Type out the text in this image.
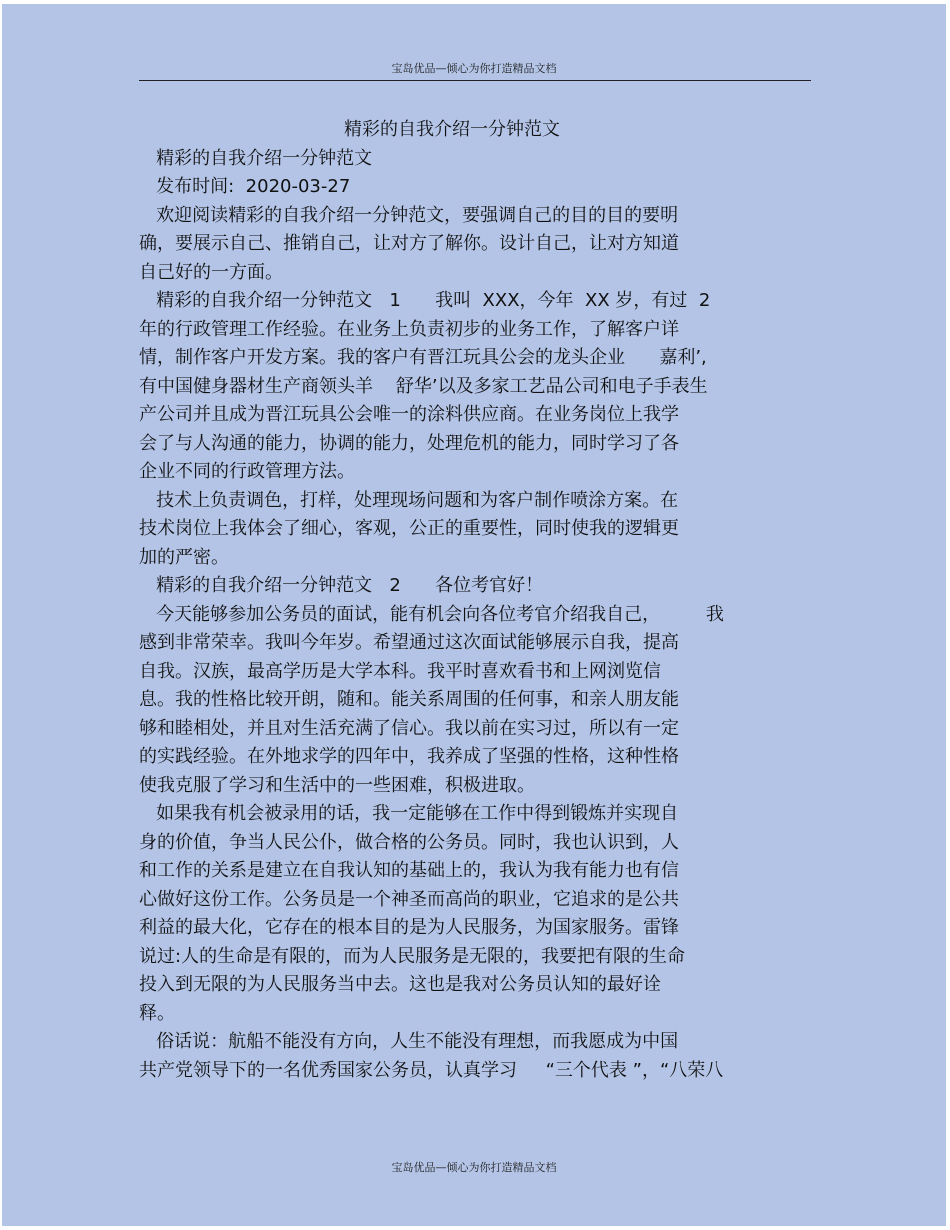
宝岛优品—倾心为你打造精品文档
精彩的自我介绍一分钟范文
精彩的自我介绍一分钟范文
发布时间:  2020-03-27
欢迎阅读精彩的自我介绍一分钟范文，要强调自己的目的目的要明
确，要展示自己、推销自己，让对方了解你。设计自己，让对方知道
自己好的一方面。
精彩的自我介绍一分钟范文   1      我叫  XXX，今年  XX 岁，有过  2
年的行政管理工作经验。在业务上负责初步的业务工作，了解客户详
情，制作客户开发方案。我的客户有晋江玩具公会的龙头企业      嘉利’,
有中国健身器材生产商领头羊    舒华’以及多家工艺品公司和电子手表生
产公司并且成为晋江玩具公会唯一的涂料供应商。在业务岗位上我学
会了与人沟通的能力，协调的能力，处理危机的能力，同时学习了各
企业不同的行政管理方法。
技术上负责调色，打样，处理现场问题和为客户制作喷涂方案。在
技术岗位上我体会了细心，客观，公正的重要性，同时使我的逻辑更
加的严密。
精彩的自我介绍一分钟范文   2      各位考官好！
今天能够参加公务员的面试，能有机会向各位考官介绍我自己，        我
感到非常荣幸。我叫今年岁。希望通过这次面试能够展示自我，提高
自我。汉族，最高学历是大学本科。我平时喜欢看书和上网浏览信
息。我的性格比较开朗，随和。能关系周围的任何事，和亲人朋友能
够和睦相处，并且对生活充满了信心。我以前在实习过，所以有一定
的实践经验。在外地求学的四年中，我养成了坚强的性格，这种性格
使我克服了学习和生活中的一些困难，积极进取。
如果我有机会被录用的话，我一定能够在工作中得到锻炼并实现自
身的价值，争当人民公仆，做合格的公务员。同时，我也认识到，人
和工作的关系是建立在自我认知的基础上的，我认为我有能力也有信
心做好这份工作。公务员是一个神圣而高尚的职业，它追求的是公共
利益的最大化，它存在的根本目的是为人民服务，为国家服务。雷锋
说过:人的生命是有限的，而为人民服务是无限的，我要把有限的生命
投入到无限的为人民服务当中去。这也是我对公务员认知的最好诠
释。
俗话说：航船不能没有方向，人生不能没有理想，而我愿成为中国
共产党领导下的一名优秀国家公务员，认真学习     “三个代表 ”，“八荣八
宝岛优品—倾心为你打造精品文档
